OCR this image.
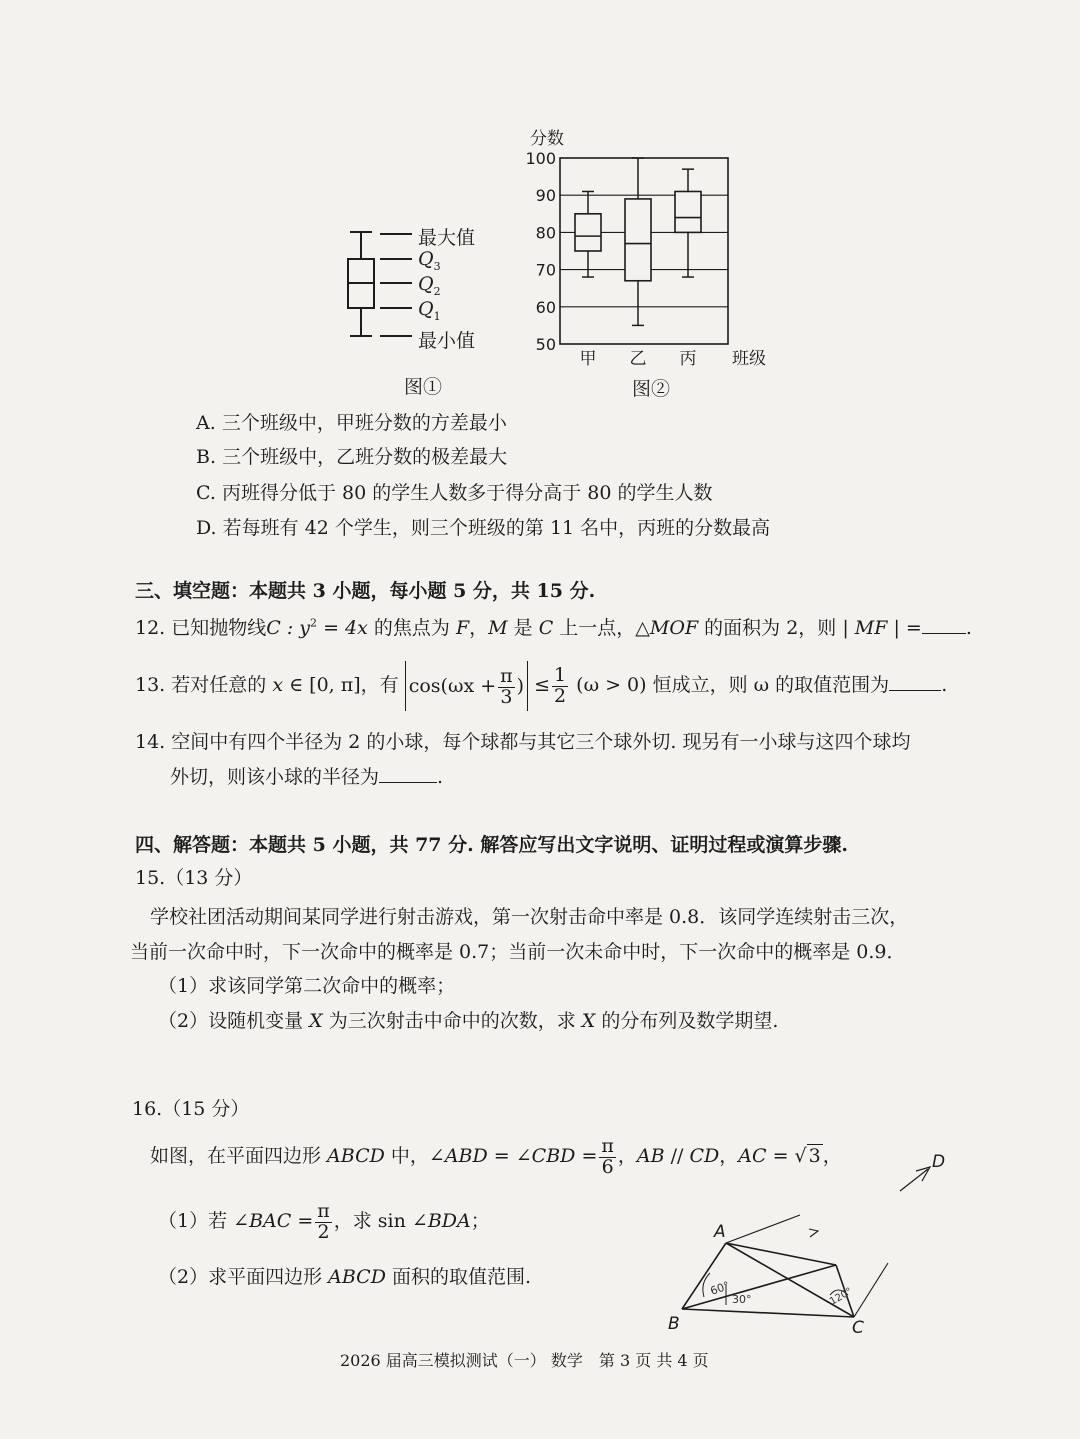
最大值
$Q_3$
$Q_2$
$Q_1$
最小值
图①
100
90
80
70
60
50
分数
甲 乙 丙 班级
图②
A. 三个班级中，甲班分数的方差最小
B. 三个班级中，乙班分数的极差最大
C. 丙班得分低于 80 的学生人数多于得分高于 80 的学生人数
D. 若每班有 42 个学生，则三个班级的第 11 名中，丙班的分数最高
三、填空题：本题共 3 小题，每小题 5 分，共 15 分.
12. 已知抛物线C : $y^2 = 4x$ 的焦点为 F，M 是 C 上一点，△MOF 的面积为 2，则 | MF | = .
13. 若对任意的 x ∈ [0, π]，有 $\cos(\omega x + \frac{\pi}{3}$ ) ≤ $\frac{1}{2} (\omega > 0)$ 恒成立，则 ω 的取值范围为	.
14. 空间中有四个半径为 2 的小球，每个球都与其它三个球外切. 现另有一小球与这四个球均
外切，则该小球的半径为	.
四、解答题：本题共 5 小题，共 77 分. 解答应写出文字说明、证明过程或演算步骤.
15.（13 分）
学校社团活动期间某同学进行射击游戏，第一次射击命中率是 0.8．该同学连续射击三次，
当前一次命中时，下一次命中的概率是 0.7；当前一次未命中时，下一次命中的概率是 0.9．
（1）求该同学第二次命中的概率；
（2）设随机变量 X 为三次射击中命中的次数，求 X 的分布列及数学期望.
16.（15 分）
如图，在平面四边形 ABCD 中，∠ABD = ∠CBD = $\frac{\pi}{6}$ ，AB // CD，AC = √ 3 ，
（1）若 ∠BAC = $\frac{\pi}{2}$ ，求 sin ∠BDA；
（2）求平面四边形 ABCD 面积的取值范围.
A
B	C
D
60°
30°	120°
2026 届高三模拟测试（一） 数学　第 3 页 共 4 页
